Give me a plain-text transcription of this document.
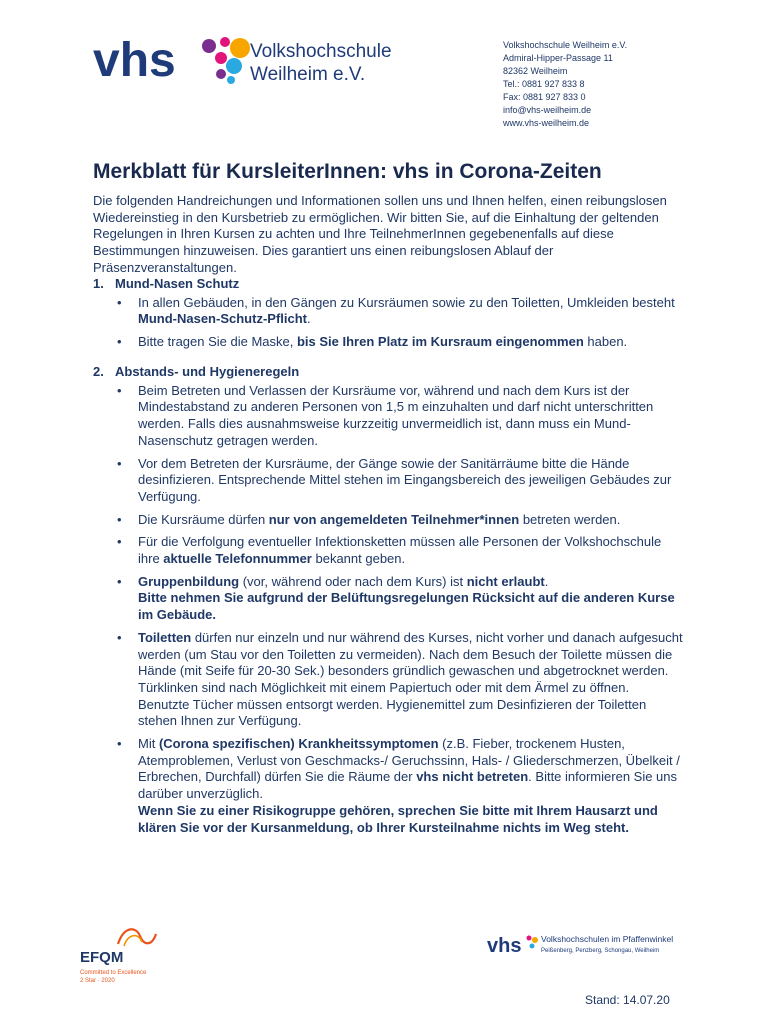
vhs	Volkshochschule
Weilheim e.V.
Volkshochschule Weilheim e.V.
Admiral-Hipper-Passage 11
82362 Weilheim
Tel.: 0881 927 833 8
Fax: 0881 927 833 0
info@vhs-weilheim.de
www.vhs-weilheim.de
Merkblatt für KursleiterInnen: vhs in Corona-Zeiten
Die folgenden Handreichungen und Informationen sollen uns und Ihnen helfen, einen reibungslosen Wiedereinstieg in den Kursbetrieb zu ermöglichen. Wir bitten Sie, auf die Einhaltung der geltenden Regelungen in Ihren Kursen zu achten und Ihre TeilnehmerInnen gegebenenfalls auf diese Bestimmungen hinzuweisen. Dies garantiert uns einen reibungslosen Ablauf der Präsenzveranstaltungen.
1. Mund-Nasen Schutz
• In allen Gebäuden, in den Gängen zu Kursräumen sowie zu den Toiletten, Umkleiden besteht Mund-Nasen-Schutz-Pflicht.
• Bitte tragen Sie die Maske, bis Sie Ihren Platz im Kursraum eingenommen haben.
2. Abstands- und Hygieneregeln
• Beim Betreten und Verlassen der Kursräume vor, während und nach dem Kurs ist der Mindestabstand zu anderen Personen von 1,5 m einzuhalten und darf nicht unterschritten werden. Falls dies ausnahmsweise kurzzeitig unvermeidlich ist, dann muss ein Mund-Nasenschutz getragen werden.
• Vor dem Betreten der Kursräume, der Gänge sowie der Sanitärräume bitte die Hände desinfizieren. Entsprechende Mittel stehen im Eingangsbereich des jeweiligen Gebäudes zur Verfügung.
• Die Kursräume dürfen nur von angemeldeten Teilnehmer*innen betreten werden.
• Für die Verfolgung eventueller Infektionsketten müssen alle Personen der Volkshochschule ihre aktuelle Telefonnummer bekannt geben.
• Gruppenbildung (vor, während oder nach dem Kurs) ist nicht erlaubt.
Bitte nehmen Sie aufgrund der Belüftungsregelungen Rücksicht auf die anderen Kurse im Gebäude.
• Toiletten dürfen nur einzeln und nur während des Kurses, nicht vorher und danach aufgesucht werden (um Stau vor den Toiletten zu vermeiden). Nach dem Besuch der Toilette müssen die Hände (mit Seife für 20-30 Sek.) besonders gründlich gewaschen und abgetrocknet werden. Türklinken sind nach Möglichkeit mit einem Papiertuch oder mit dem Ärmel zu öffnen. Benutzte Tücher müssen entsorgt werden. Hygienemittel zum Desinfizieren der Toiletten stehen Ihnen zur Verfügung.
• Mit (Corona spezifischen) Krankheitssymptomen (z.B. Fieber, trockenem Husten, Atemproblemen, Verlust von Geschmacks-/ Geruchssinn, Hals- / Gliederschmerzen, Übelkeit / Erbrechen, Durchfall) dürfen Sie die Räume der vhs nicht betreten. Bitte informieren Sie uns darüber unverzüglich.
Wenn Sie zu einer Risikogruppe gehören, sprechen Sie bitte mit Ihrem Hausarzt und klären Sie vor der Kursanmeldung, ob Ihrer Kursteilnahme nichts im Weg steht.
EFQM
Committed to Excellence
2 Star · 2020
vhs Volkshochschulen im Pfaffenwinkel
Peißenberg, Penzberg, Schongau, Weilheim
Stand: 14.07.20
